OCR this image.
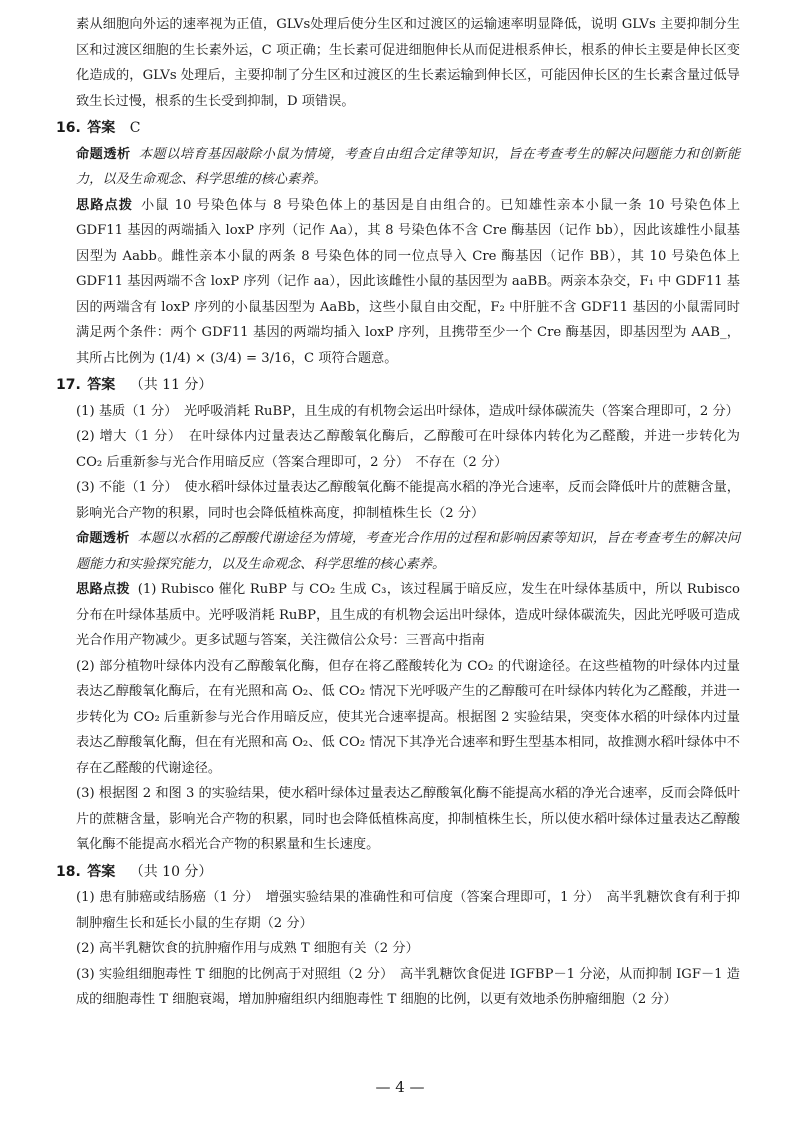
素从细胞向外运的速率视为正值，GLVs处理后使分生区和过渡区的运输速率明显降低，说明 GLVs 主要抑制分生区和过渡区细胞的生长素外运，C 项正确；生长素可促进细胞伸长从而促进根系伸长，根系的伸长主要是伸长区变化造成的，GLVs 处理后，主要抑制了分生区和过渡区的生长素运输到伸长区，可能因伸长区的生长素含量过低导致生长过慢，根系的生长受到抑制，D 项错误。

16. 答案 C

命题透析 本题以培育基因敲除小鼠为情境，考查自由组合定律等知识，旨在考查考生的解决问题能力和创新能力，以及生命观念、科学思维的核心素养。

思路点拨 小鼠 10 号染色体与 8 号染色体上的基因是自由组合的。已知雄性亲本小鼠一条 10 号染色体上 GDF11 基因的两端插入 loxP 序列（记作 Aa），其 8 号染色体不含 Cre 酶基因（记作 bb），因此该雄性小鼠基因型为 Aabb。雌性亲本小鼠的两条 8 号染色体的同一位点导入 Cre 酶基因（记作 BB），其 10 号染色体上 GDF11 基因两端不含 loxP 序列（记作 aa），因此该雌性小鼠的基因型为 aaBB。两亲本杂交，F₁ 中 GDF11 基因的两端含有 loxP 序列的小鼠基因型为 AaBb，这些小鼠自由交配，F₂ 中肝脏不含 GDF11 基因的小鼠需同时满足两个条件：两个 GDF11 基因的两端均插入 loxP 序列，且携带至少一个 Cre 酶基因，即基因型为 AAB_，其所占比例为 (1/4) × (3/4) = 3/16，C 项符合题意。

17. 答案 （共 11 分）

(1) 基质（1 分）　光呼吸消耗 RuBP，且生成的有机物会运出叶绿体，造成叶绿体碳流失（答案合理即可，2 分）

(2) 增大（1 分）　在叶绿体内过量表达乙醇酸氧化酶后，乙醇酸可在叶绿体内转化为乙醛酸，并进一步转化为 CO₂ 后重新参与光合作用暗反应（答案合理即可，2 分）　不存在（2 分）

(3) 不能（1 分）　使水稻叶绿体过量表达乙醇酸氧化酶不能提高水稻的净光合速率，反而会降低叶片的蔗糖含量，影响光合产物的积累，同时也会降低植株高度，抑制植株生长（2 分）

命题透析 本题以水稻的乙醇酸代谢途径为情境，考查光合作用的过程和影响因素等知识，旨在考查考生的解决问题能力和实验探究能力，以及生命观念、科学思维的核心素养。

思路点拨 (1) Rubisco 催化 RuBP 与 CO₂ 生成 C₃，该过程属于暗反应，发生在叶绿体基质中，所以 Rubisco 分布在叶绿体基质中。光呼吸消耗 RuBP，且生成的有机物会运出叶绿体，造成叶绿体碳流失，因此光呼吸可造成光合作用产物减少。更多试题与答案，关注微信公众号：三晋高中指南

(2) 部分植物叶绿体内没有乙醇酸氧化酶，但存在将乙醛酸转化为 CO₂ 的代谢途径。在这些植物的叶绿体内过量表达乙醇酸氧化酶后，在有光照和高 O₂、低 CO₂ 情况下光呼吸产生的乙醇酸可在叶绿体内转化为乙醛酸，并进一步转化为 CO₂ 后重新参与光合作用暗反应，使其光合速率提高。根据图 2 实验结果，突变体水稻的叶绿体内过量表达乙醇酸氧化酶，但在有光照和高 O₂、低 CO₂ 情况下其净光合速率和野生型基本相同，故推测水稻叶绿体中不存在乙醛酸的代谢途径。

(3) 根据图 2 和图 3 的实验结果，使水稻叶绿体过量表达乙醇酸氧化酶不能提高水稻的净光合速率，反而会降低叶片的蔗糖含量，影响光合产物的积累，同时也会降低植株高度，抑制植株生长，所以使水稻叶绿体过量表达乙醇酸氧化酶不能提高水稻光合产物的积累量和生长速度。

18. 答案 （共 10 分）

(1) 患有肺癌或结肠癌（1 分）　增强实验结果的准确性和可信度（答案合理即可，1 分）　高半乳糖饮食有利于抑制肿瘤生长和延长小鼠的生存期（2 分）

(2) 高半乳糖饮食的抗肿瘤作用与成熟 T 细胞有关（2 分）

(3) 实验组细胞毒性 T 细胞的比例高于对照组（2 分）　高半乳糖饮食促进 IGFBP－1 分泌，从而抑制 IGF－1 造成的细胞毒性 T 细胞衰竭，增加肿瘤组织内细胞毒性 T 细胞的比例，以更有效地杀伤肿瘤细胞（2 分）

— 4 —
